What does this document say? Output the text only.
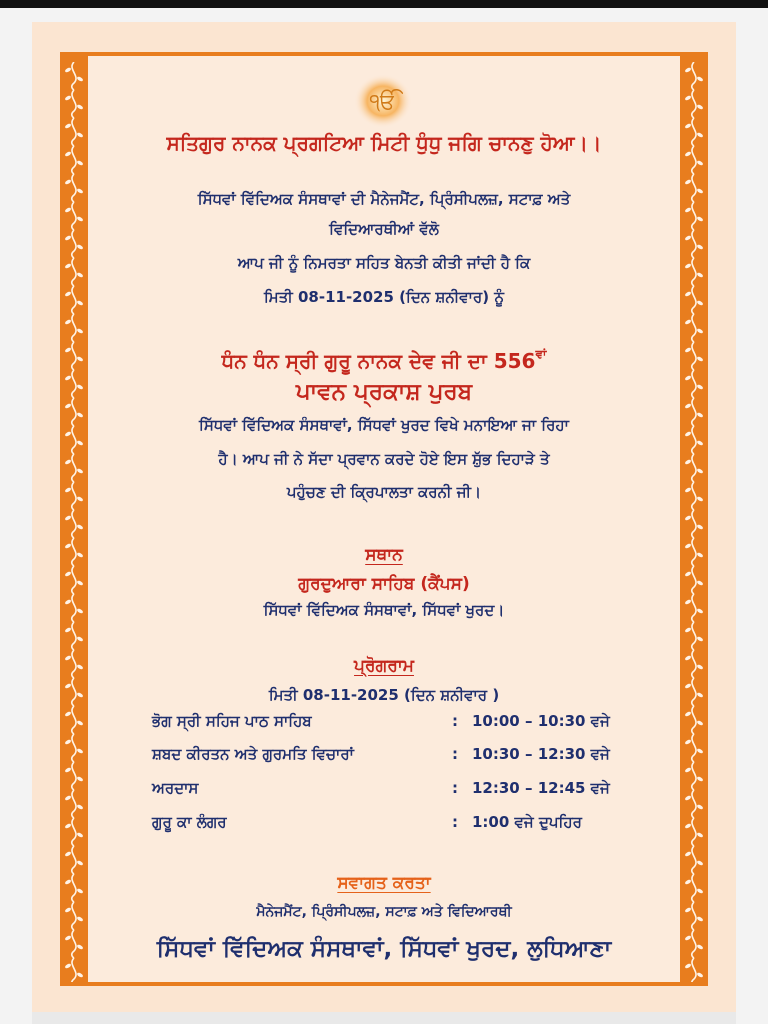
ੴ
ਸਤਿਗੁਰ ਨਾਨਕ ਪ੍ਰਗਟਿਆ ਮਿਟੀ ਧੁੰਧੁ ਜਗਿ ਚਾਨਣੁ ਹੋਆ।।
ਸਿੱਧਵਾਂ ਵਿੱਦਿਅਕ ਸੰਸਥਾਵਾਂ ਦੀ ਮੈਨੇਜਮੈਂਟ, ਪ੍ਰਿੰਸੀਪਲਜ਼, ਸਟਾਫ਼ ਅਤੇ
ਵਿਦਿਆਰਥੀਆਂ ਵੱਲੋ
ਆਪ ਜੀ ਨੂੰ ਨਿਮਰਤਾ ਸਹਿਤ ਬੇਨਤੀ ਕੀਤੀ ਜਾਂਦੀ ਹੈ ਕਿ
ਮਿਤੀ 08-11-2025 (ਦਿਨ ਸ਼ਨੀਵਾਰ) ਨੂੰ
ਧੰਨ ਧੰਨ ਸ੍ਰੀ ਗੁਰੂ ਨਾਨਕ ਦੇਵ ਜੀ ਦਾ $556^{ਵਾਂ}$
ਪਾਵਨ ਪ੍ਰਕਾਸ਼ ਪੁਰਬ
ਸਿੱਧਵਾਂ ਵਿੱਦਿਅਕ ਸੰਸਥਾਵਾਂ, ਸਿੱਧਵਾਂ ਖੁਰਦ ਵਿਖੇ ਮਨਾਇਆ ਜਾ ਰਿਹਾ
ਹੈ। ਆਪ ਜੀ ਨੇ ਸੱਦਾ ਪ੍ਰਵਾਨ ਕਰਦੇ ਹੋਏ ਇਸ ਸ਼ੁੱਭ ਦਿਹਾੜੇ ਤੇ
ਪਹੁੰਚਣ ਦੀ ਕ੍ਰਿਪਾਲਤਾ ਕਰਨੀ ਜੀ।
ਸਥਾਨ
ਗੁਰਦੁਆਰਾ ਸਾਹਿਬ (ਕੈਂਪਸ)
ਸਿੱਧਵਾਂ ਵਿੱਦਿਅਕ ਸੰਸਥਾਵਾਂ, ਸਿੱਧਵਾਂ ਖੁਰਦ।
ਪ੍ਰੋਗਰਾਮ
ਮਿਤੀ 08-11-2025 (ਦਿਨ ਸ਼ਨੀਵਾਰ )
ਭੋਗ ਸ੍ਰੀ ਸਹਿਜ ਪਾਠ ਸਾਹਿਬ	: 10:00 – 10:30 ਵਜੇ
ਸ਼ਬਦ ਕੀਰਤਨ ਅਤੇ ਗੁਰਮਤਿ ਵਿਚਾਰਾਂ	: 10:30 – 12:30 ਵਜੇ
ਅਰਦਾਸ	: 12:30 – 12:45 ਵਜੇ
ਗੁਰੂ ਕਾ ਲੰਗਰ	: 1:00 ਵਜੇ ਦੁਪਹਿਰ
ਸਵਾਗਤ ਕਰਤਾ
ਮੈਨੇਜਮੈਂਟ, ਪ੍ਰਿੰਸੀਪਲਜ਼, ਸਟਾਫ਼ ਅਤੇ ਵਿਦਿਆਰਥੀ
ਸਿੱਧਵਾਂ ਵਿੱਦਿਅਕ ਸੰਸਥਾਵਾਂ, ਸਿੱਧਵਾਂ ਖੁਰਦ, ਲੁਧਿਆਣਾ
